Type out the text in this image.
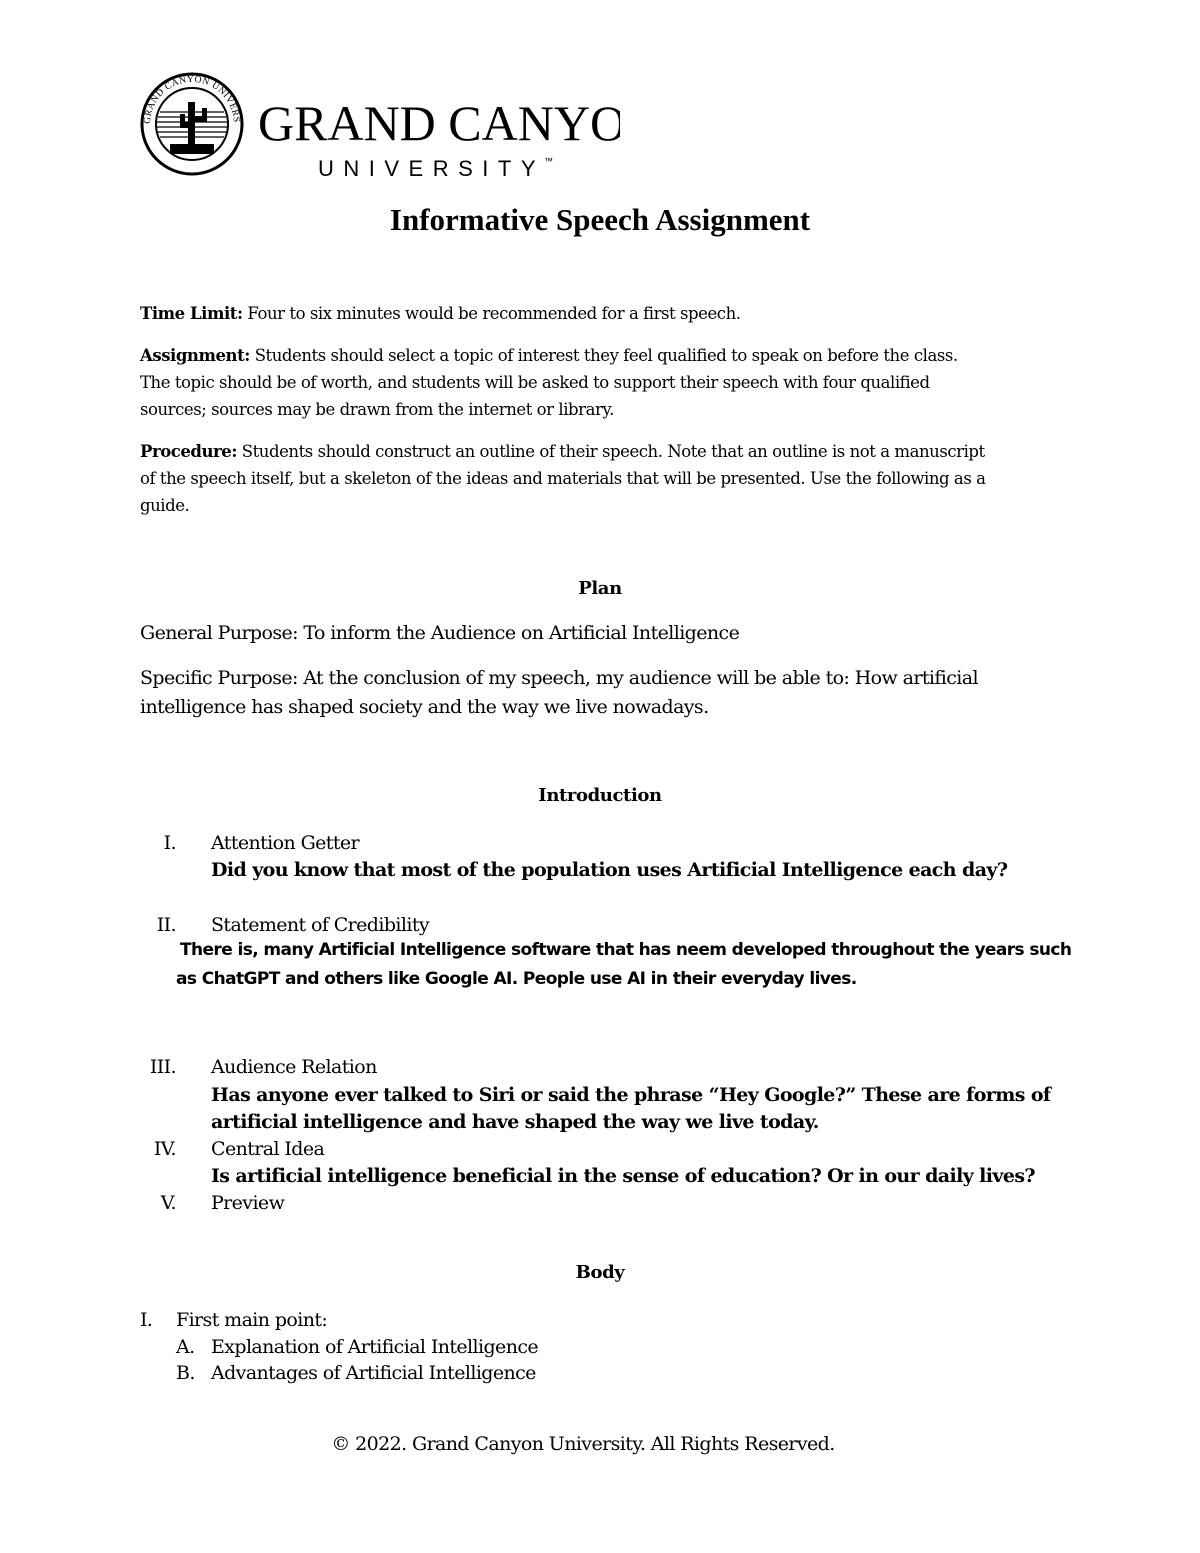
GRAND CANYON UNIVERS GRAND CANYO
UNIVERSITY
™
Informative Speech Assignment
Time Limit: Four to six minutes would be recommended for a first speech.
Assignment: Students should select a topic of interest they feel qualified to speak on before the class.
The topic should be of worth, and students will be asked to support their speech with four qualified
sources; sources may be drawn from the internet or library.
Procedure: Students should construct an outline of their speech. Note that an outline is not a manuscript
of the speech itself, but a skeleton of the ideas and materials that will be presented. Use the following as a
guide.
Plan
General Purpose: To inform the Audience on Artificial Intelligence
Specific Purpose: At the conclusion of my speech, my audience will be able to: How artificial
intelligence has shaped society and the way we live nowadays.
Introduction
I. Attention Getter
Did you know that most of the population uses Artificial Intelligence each day?
II. Statement of Credibility
There is, many Artificial Intelligence software that has neem developed throughout the years such
as ChatGPT and others like Google AI. People use AI in their everyday lives.
III. Audience Relation
Has anyone ever talked to Siri or said the phrase “Hey Google?” These are forms of
artificial intelligence and have shaped the way we live today.
IV. Central Idea
Is artificial intelligence beneficial in the sense of education? Or in our daily lives?
V. Preview
Body
I. First main point:
A. Explanation of Artificial Intelligence
B. Advantages of Artificial Intelligence
© 2022. Grand Canyon University. All Rights Reserved.
